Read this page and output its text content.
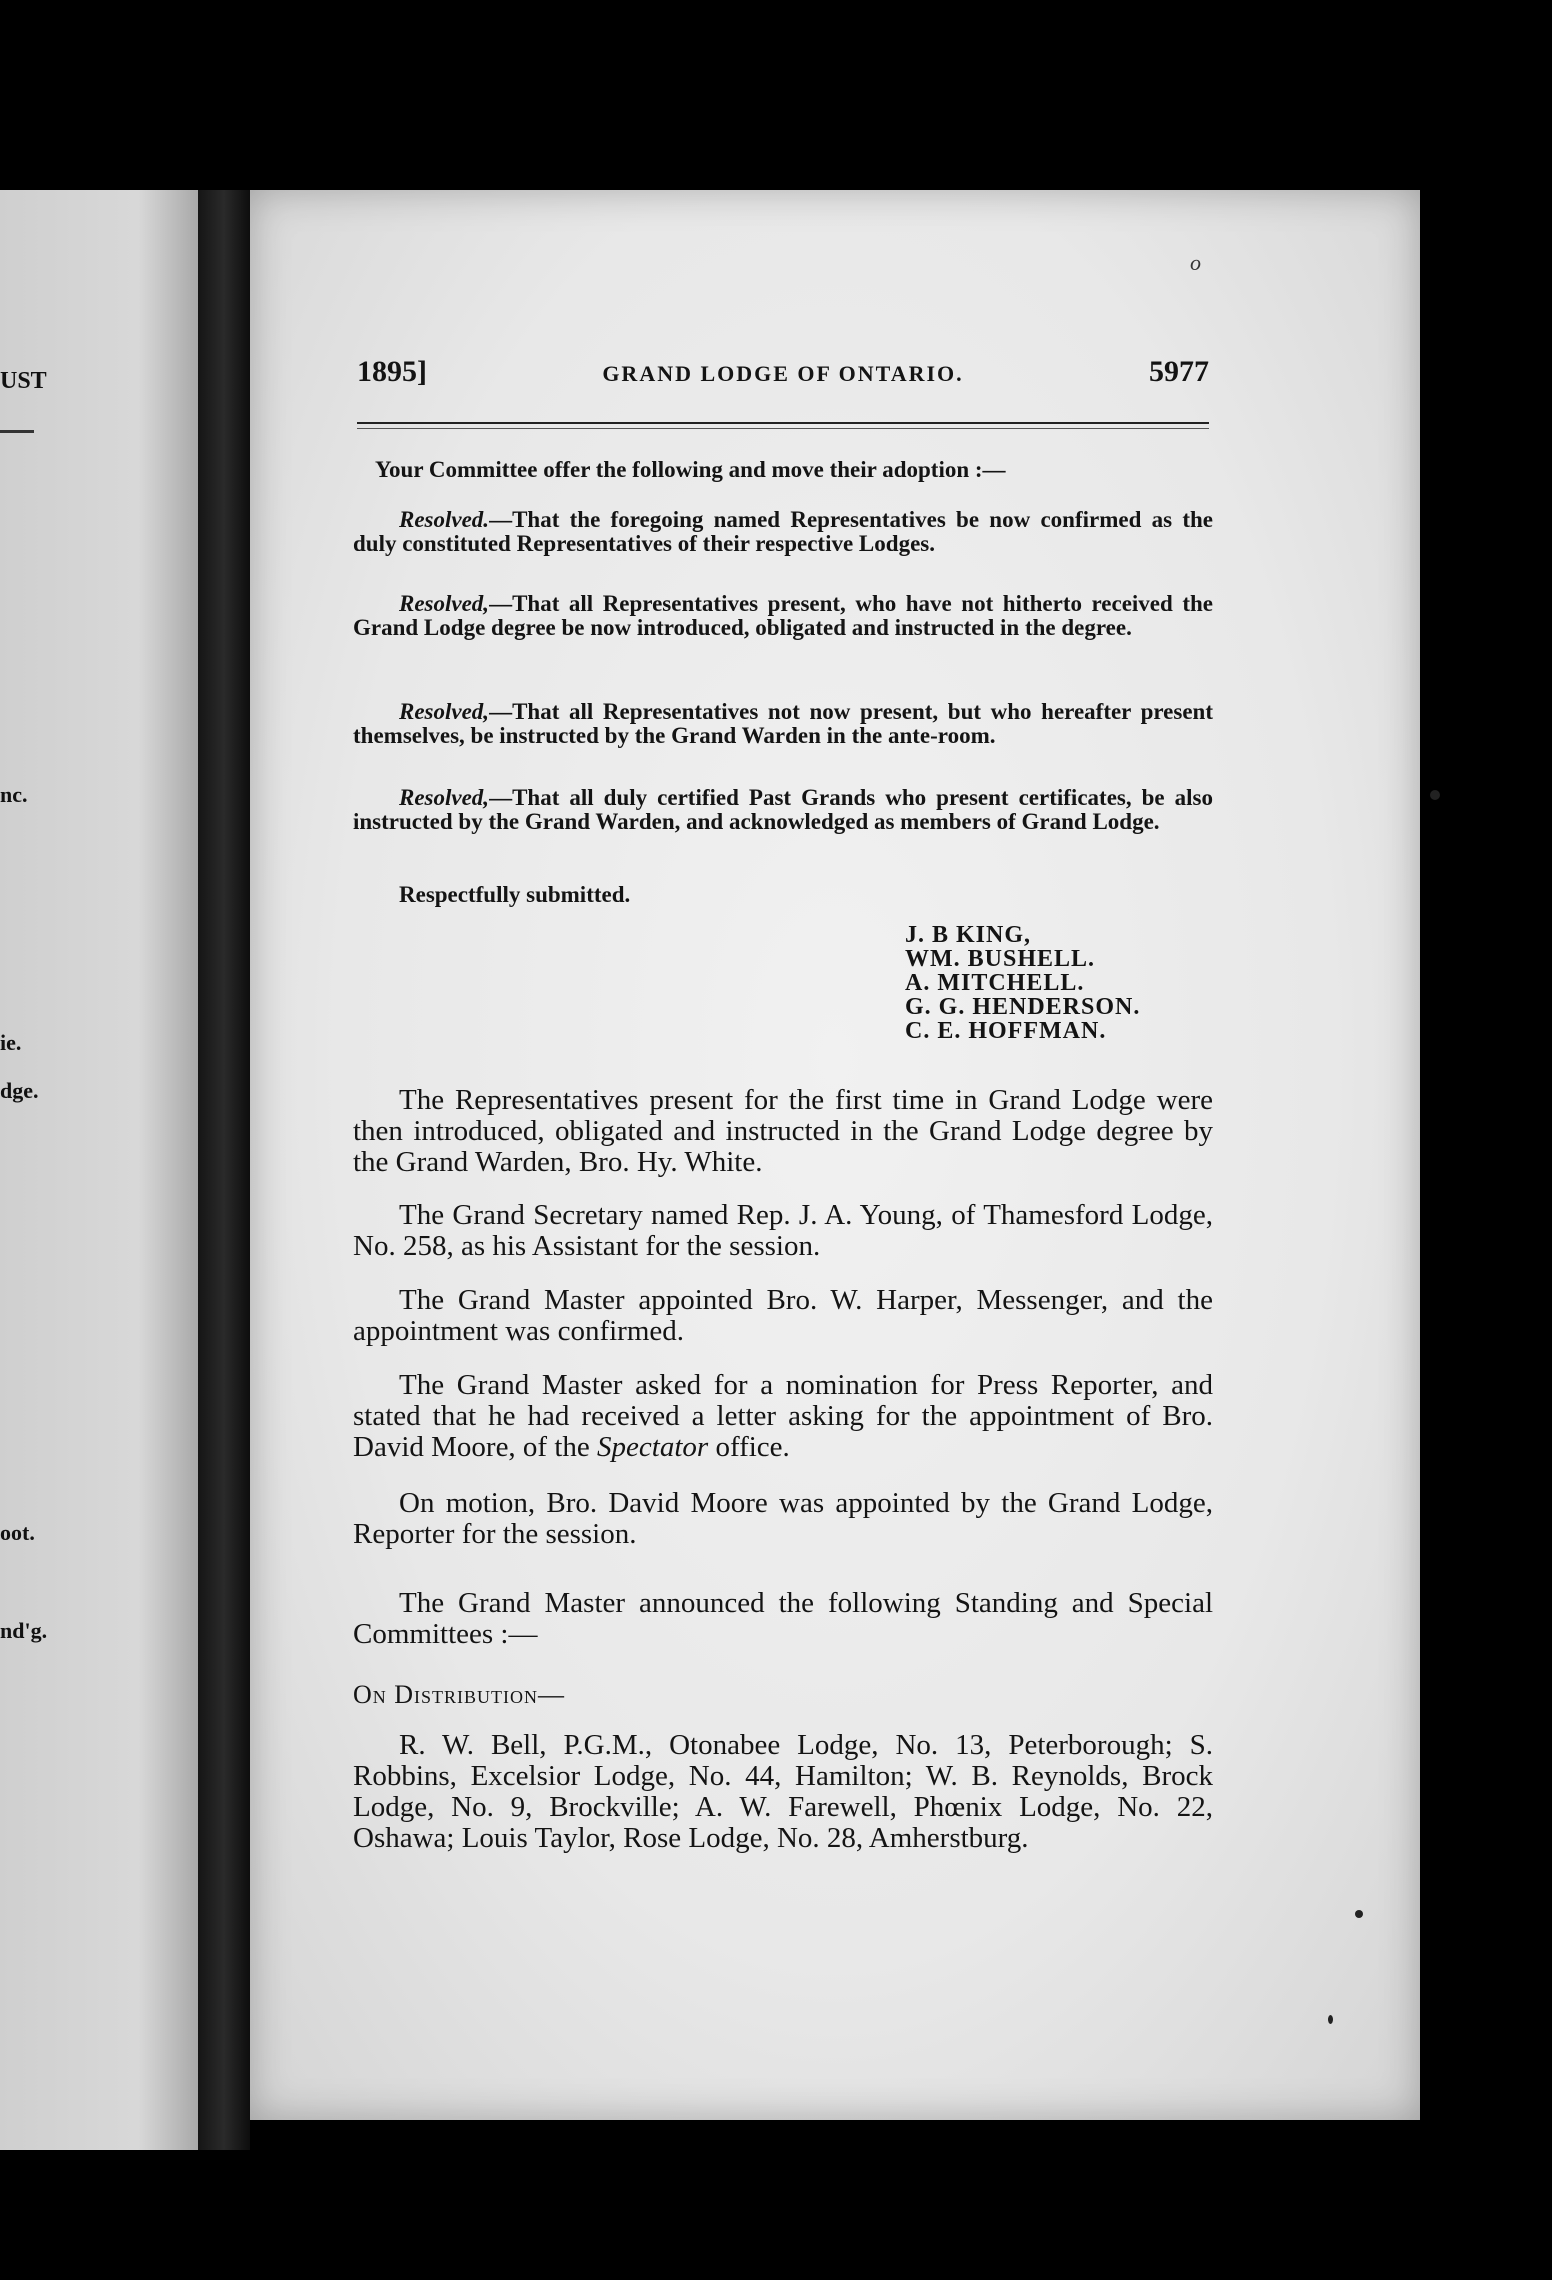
UST
nc.
ie.
dge.
oot.
nd'g.
o
1895]	GRAND LODGE OF ONTARIO.	5977

Your Committee offer the following and move their adoption :—

Resolved.—That the foregoing named Representatives be now confirmed as the duly constituted Representatives of their respective Lodges.

Resolved,—That all Representatives present, who have not hitherto received the Grand Lodge degree be now introduced, obligated and instructed in the degree.

Resolved,—That all Representatives not now present, but who hereafter present themselves, be instructed by the Grand Warden in the ante-room.

Resolved,—That all duly certified Past Grands who present certificates, be also instructed by the Grand Warden, and acknowledged as members of Grand Lodge.

Respectfully submitted.

J. B KING,
WM. BUSHELL.
A. MITCHELL.
G. G. HENDERSON.
C. E. HOFFMAN.

The Representatives present for the first time in Grand Lodge were then introduced, obligated and instructed in the Grand Lodge degree by the Grand Warden, Bro. Hy. White.

The Grand Secretary named Rep. J. A. Young, of Thamesford Lodge, No. 258, as his Assistant for the session.

The Grand Master appointed Bro. W. Harper, Messenger, and the appointment was confirmed.

The Grand Master asked for a nomination for Press Reporter, and stated that he had received a letter asking for the appointment of Bro. David Moore, of the Spectator office.

On motion, Bro. David Moore was appointed by the Grand Lodge, Reporter for the session.

The Grand Master announced the following Standing and Special Committees :—

On Distribution—

R. W. Bell, P.G.M., Otonabee Lodge, No. 13, Peterborough; S. Robbins, Excelsior Lodge, No. 44, Hamilton; W. B. Reynolds, Brock Lodge, No. 9, Brockville; A. W. Farewell, Phœnix Lodge, No. 22, Oshawa; Louis Taylor, Rose Lodge, No. 28, Amherstburg.
